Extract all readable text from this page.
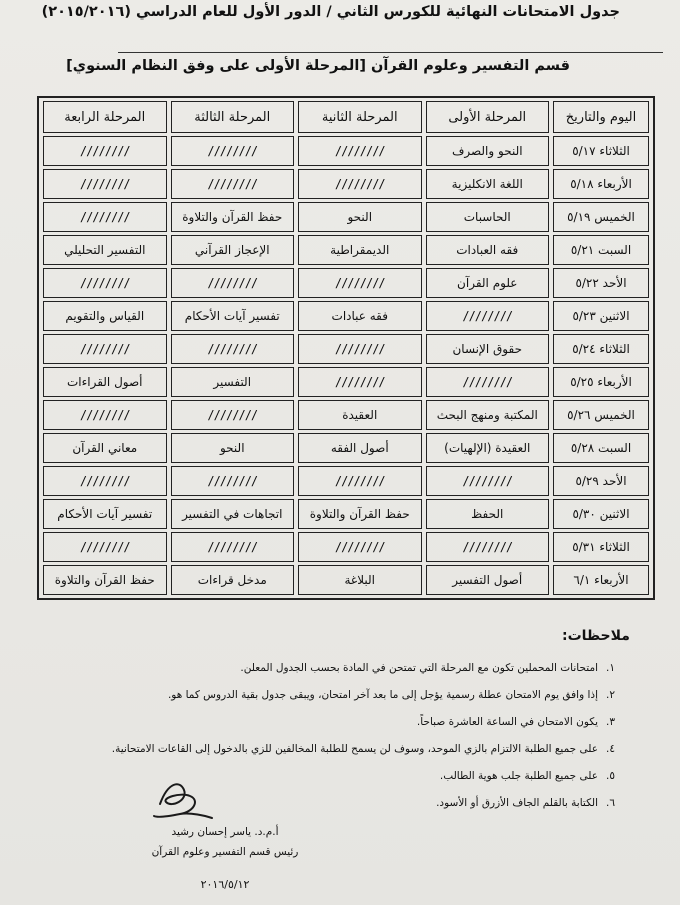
جدول الامتحانات النهائية للكورس الثاني / الدور الأول للعام الدراسي (٢٠١٥/٢٠١٦)
قسم التفسير وعلوم القرآن [المرحلة الأولى على وفق النظام السنوي]
اليوم والتاريخ	المرحلة الأولى	المرحلة الثانية	المرحلة الثالثة	المرحلة الرابعة
الثلاثاء ٥/١٧	النحو والصرف	////////	////////	////////
الأربعاء ٥/١٨	اللغة الانكليزية	////////	////////	////////
الخميس ٥/١٩	الحاسبات	النحو	حفظ القرآن والتلاوة	////////
السبت ٥/٢١	فقه العبادات	الديمقراطية	الإعجاز القرآني	التفسير التحليلي
الأحد ٥/٢٢	علوم القرآن	////////	////////	////////
الاثنين ٥/٢٣	////////	فقه عبادات	تفسير آيات الأحكام	القياس والتقويم
الثلاثاء ٥/٢٤	حقوق الإنسان	////////	////////	////////
الأربعاء ٥/٢٥	////////	////////	التفسير	أصول القراءات
الخميس ٥/٢٦	المكتبة ومنهج البحث	العقيدة	////////	////////
السبت ٥/٢٨	العقيدة (الإلهيات)	أصول الفقه	النحو	معاني القرآن
الأحد ٥/٢٩	////////	////////	////////	////////
الاثنين ٥/٣٠	الحفظ	حفظ القرآن والتلاوة	اتجاهات في التفسير	تفسير آيات الأحكام
الثلاثاء ٥/٣١	////////	////////	////////	////////
الأربعاء ٦/١	أصول التفسير	البلاغة	مدخل قراءات	حفظ القرآن والتلاوة
ملاحظات:
١.
امتحانات المحملين تكون مع المرحلة التي تمتحن في المادة بحسب الجدول المعلن.
٢.
إذا وافق يوم الامتحان عطلة رسمية يؤجل إلى ما بعد آخر امتحان، ويبقى جدول بقية الدروس كما هو.
٣.
يكون الامتحان في الساعة العاشرة صباحاً.
٤.
على جميع الطلبة الالتزام بالزي الموحد، وسوف لن يسمح للطلبة المخالفين للزي بالدخول إلى القاعات الامتحانية.
٥.
على جميع الطلبة جلب هوية الطالب.
٦.
الكتابة بالقلم الجاف الأزرق أو الأسود.
أ.م.د. ياسر إحسان رشيد
رئيس قسم التفسير وعلوم القرآن
٢٠١٦/٥/١٢
